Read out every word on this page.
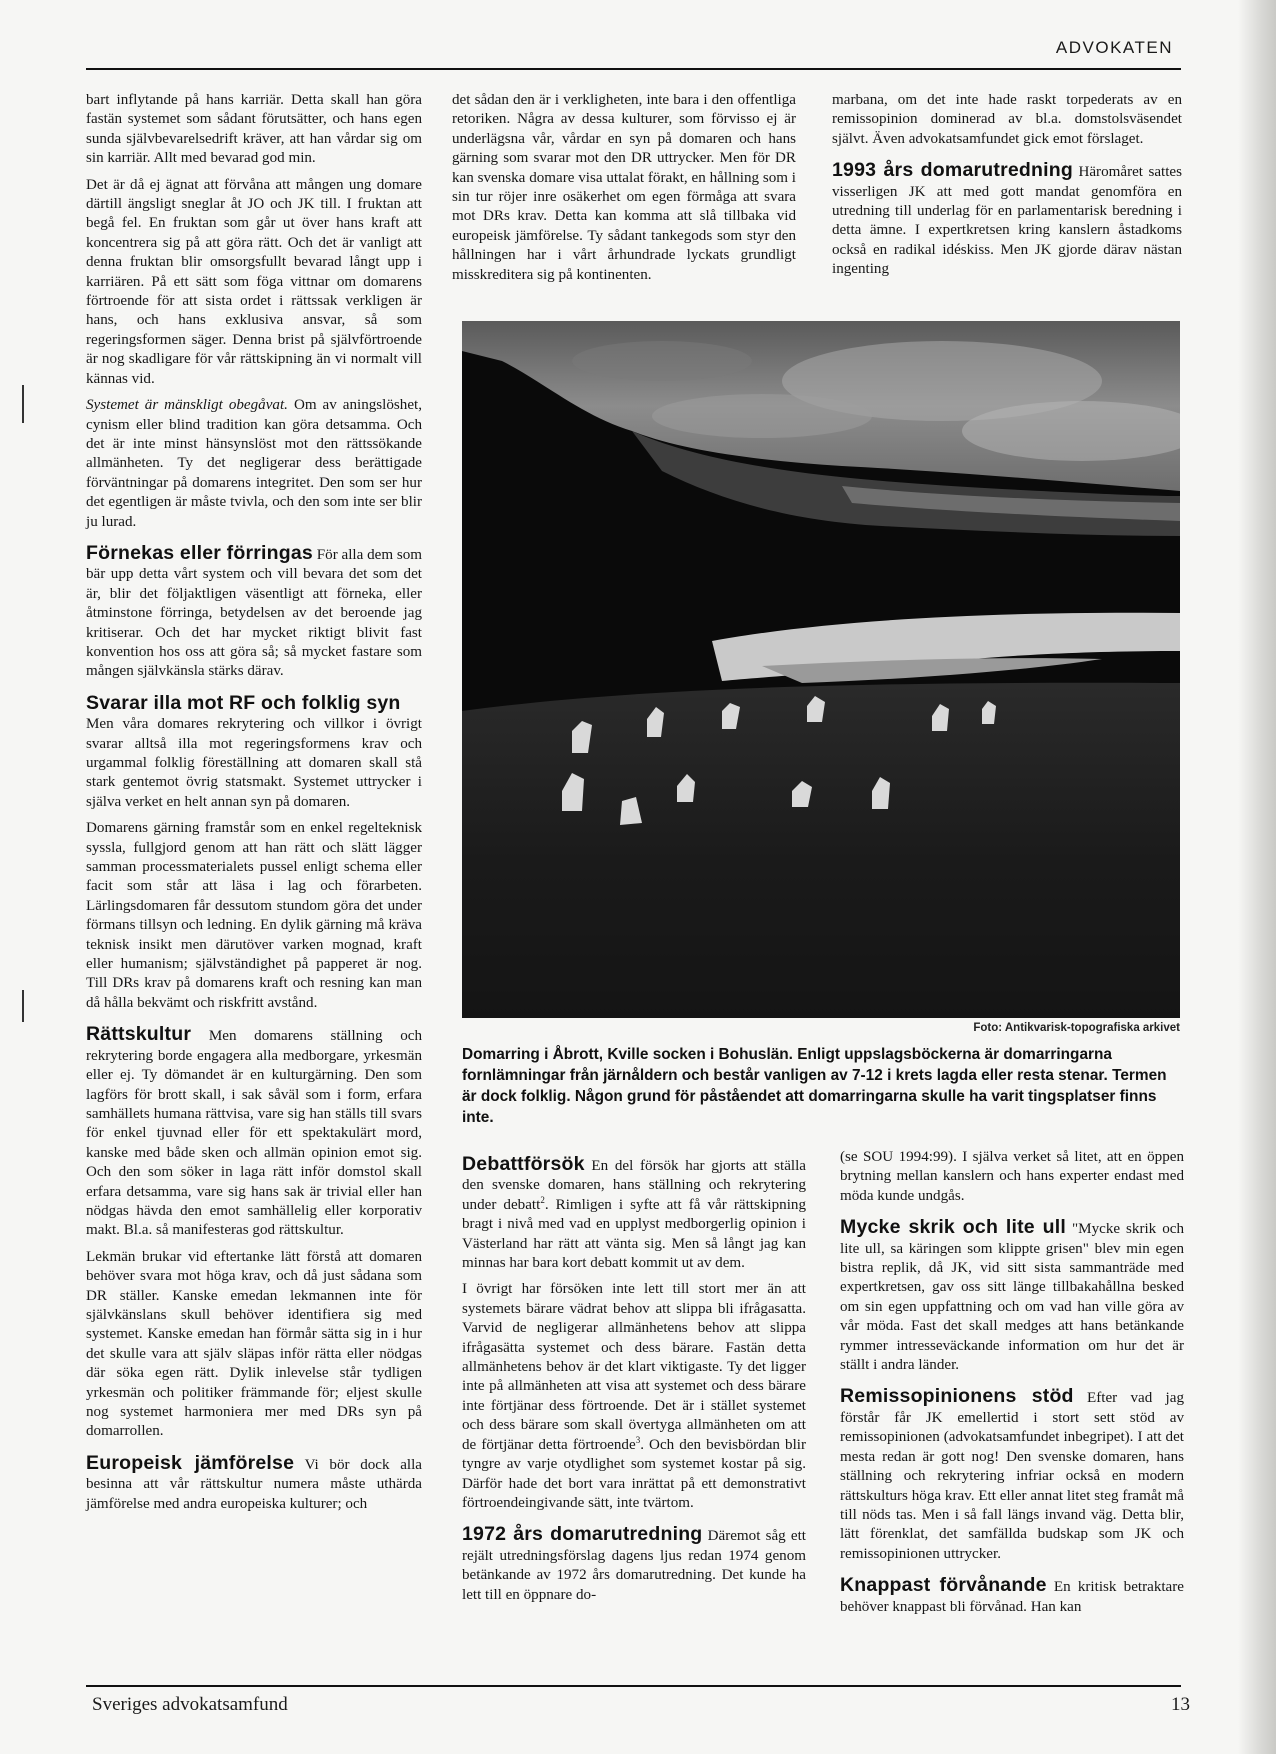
ADVOKATEN

bart inflytande på hans karriär. Detta skall han göra fastän systemet som sådant förutsätter, och hans egen sunda självbevarelsedrift kräver, att han vårdar sig om sin karriär. Allt med bevarad god min.

Det är då ej ägnat att förvåna att mången ung domare därtill ängsligt sneglar åt JO och JK till. I fruktan att begå fel. En fruktan som går ut över hans kraft att koncentrera sig på att göra rätt. Och det är vanligt att denna fruktan blir omsorgsfullt bevarad långt upp i karriären. På ett sätt som föga vittnar om domarens förtroende för att sista ordet i rättssak verkligen är hans, och hans exklusiva ansvar, så som regeringsformen säger. Denna brist på självförtroende är nog skadligare för vår rättskipning än vi normalt vill kännas vid.

Systemet är mänskligt obegåvat. Om av aningslöshet, cynism eller blind tradition kan göra detsamma. Och det är inte minst hänsynslöst mot den rättssökande allmänheten. Ty det negligerar dess berättigade förväntningar på domarens integritet. Den som ser hur det egentligen är måste tvivla, och den som inte ser blir ju lurad.

Förnekas eller förringas För alla dem som bär upp detta vårt system och vill bevara det som det är, blir det följaktligen väsentligt att förneka, eller åtminstone förringa, betydelsen av det beroende jag kritiserar. Och det har mycket riktigt blivit fast konvention hos oss att göra så; så mycket fastare som mången självkänsla stärks därav.

Svarar illa mot RF och folklig syn
Men våra domares rekrytering och villkor i övrigt svarar alltså illa mot regeringsformens krav och urgammal folklig föreställning att domaren skall stå stark gentemot övrig statsmakt. Systemet uttrycker i själva verket en helt annan syn på domaren.

Domarens gärning framstår som en enkel regelteknisk syssla, fullgjord genom att han rätt och slätt lägger samman processmaterialets pussel enligt schema eller facit som står att läsa i lag och förarbeten. Lärlingsdomaren får dessutom stundom göra det under förmans tillsyn och ledning. En dylik gärning må kräva teknisk insikt men därutöver varken mognad, kraft eller humanism; självständighet på papperet är nog. Till DRs krav på domarens kraft och resning kan man då hålla bekvämt och riskfritt avstånd.

Rättskultur Men domarens ställning och rekrytering borde engagera alla medborgare, yrkesmän eller ej. Ty dömandet är en kulturgärning. Den som lagförs för brott skall, i sak såväl som i form, erfara samhällets humana rättvisa, vare sig han ställs till svars för enkel tjuvnad eller för ett spektakulärt mord, kanske med både sken och allmän opinion emot sig. Och den som söker in laga rätt inför domstol skall erfara detsamma, vare sig hans sak är trivial eller han nödgas hävda den emot samhällelig eller korporativ makt. Bl.a. så manifesteras god rättskultur.

Lekmän brukar vid eftertanke lätt förstå att domaren behöver svara mot höga krav, och då just sådana som DR ställer. Kanske emedan lekmannen inte för självkänslans skull behöver identifiera sig med systemet. Kanske emedan han förmår sätta sig in i hur det skulle vara att själv släpas inför rätta eller nödgas där söka egen rätt. Dylik inlevelse står tydligen yrkesmän och politiker främmande för; eljest skulle nog systemet harmoniera mer med DRs syn på domarrollen.

Europeisk jämförelse Vi bör dock alla besinna att vår rättskultur numera måste uthärda jämförelse med andra europeiska kulturer; och

det sådan den är i verkligheten, inte bara i den offentliga retoriken. Några av dessa kulturer, som förvisso ej är underlägsna vår, vårdar en syn på domaren och hans gärning som svarar mot den DR uttrycker. Men för DR kan svenska domare visa uttalat förakt, en hållning som i sin tur röjer inre osäkerhet om egen förmåga att svara mot DRs krav. Detta kan komma att slå tillbaka vid europeisk jämförelse. Ty sådant tankegods som styr den hållningen har i vårt århundrade lyckats grundligt misskreditera sig på kontinenten.

marbana, om det inte hade raskt torpederats av en remissopinion dominerad av bl.a. domstolsväsendet självt. Även advokatsamfundet gick emot förslaget.

1993 års domarutredning Häromåret sattes visserligen JK att med gott mandat genomföra en utredning till underlag för en parlamentarisk beredning i detta ämne. I expertkretsen kring kanslern åstadkoms också en radikal idéskiss. Men JK gjorde därav nästan ingenting

Foto: Antikvarisk-topografiska arkivet
Domarring i Åbrott, Kville socken i Bohuslän. Enligt uppslagsböckerna är domarringarna fornlämningar från järnåldern och består vanligen av 7-12 i krets lagda eller resta stenar. Termen är dock folklig. Någon grund för påståendet att domarringarna skulle ha varit tingsplatser finns inte.

Debattförsök En del försök har gjorts att ställa den svenske domaren, hans ställning och rekrytering under debatt$^2$. Rimligen i syfte att få vår rättskipning bragt i nivå med vad en upplyst medborgerlig opinion i Västerland har rätt att vänta sig. Men så långt jag kan minnas har bara kort debatt kommit ut av dem.

I övrigt har försöken inte lett till stort mer än att systemets bärare vädrat behov att slippa bli ifrågasatta. Varvid de negligerar allmänhetens behov att slippa ifrågasätta systemet och dess bärare. Fastän detta allmänhetens behov är det klart viktigaste. Ty det ligger inte på allmänheten att visa att systemet och dess bärare inte förtjänar dess förtroende. Det är i stället systemet och dess bärare som skall övertyga allmänheten om att de förtjänar detta förtroende$^3$. Och den bevisbördan blir tyngre av varje otydlighet som systemet kostar på sig. Därför hade det bort vara inrättat på ett demonstrativt förtroendeingivande sätt, inte tvärtom.

1972 års domarutredning Däremot såg ett rejält utredningsförslag dagens ljus redan 1974 genom betänkande av 1972 års domarutredning. Det kunde ha lett till en öppnare do-

(se SOU 1994:99). I själva verket så litet, att en öppen brytning mellan kanslern och hans experter endast med möda kunde undgås.

Mycke skrik och lite ull "Mycke skrik och lite ull, sa käringen som klippte grisen" blev min egen bistra replik, då JK, vid sitt sista sammanträde med expertkretsen, gav oss sitt länge tillbakahållna besked om sin egen uppfattning och om vad han ville göra av vår möda. Fast det skall medges att hans betänkande rymmer intresseväckande information om hur det är ställt i andra länder.

Remissopinionens stöd Efter vad jag förstår får JK emellertid i stort sett stöd av remissopinionen (advokatsamfundet inbegripet). I att det mesta redan är gott nog! Den svenske domaren, hans ställning och rekrytering infriar också en modern rättskulturs höga krav. Ett eller annat litet steg framåt må till nöds tas. Men i så fall längs invand väg. Detta blir, lätt förenklat, det samfällda budskap som JK och remissopinionen uttrycker.

Knappast förvånande En kritisk betraktare behöver knappast bli förvånad. Han kan

Sveriges advokatsamfund	13
